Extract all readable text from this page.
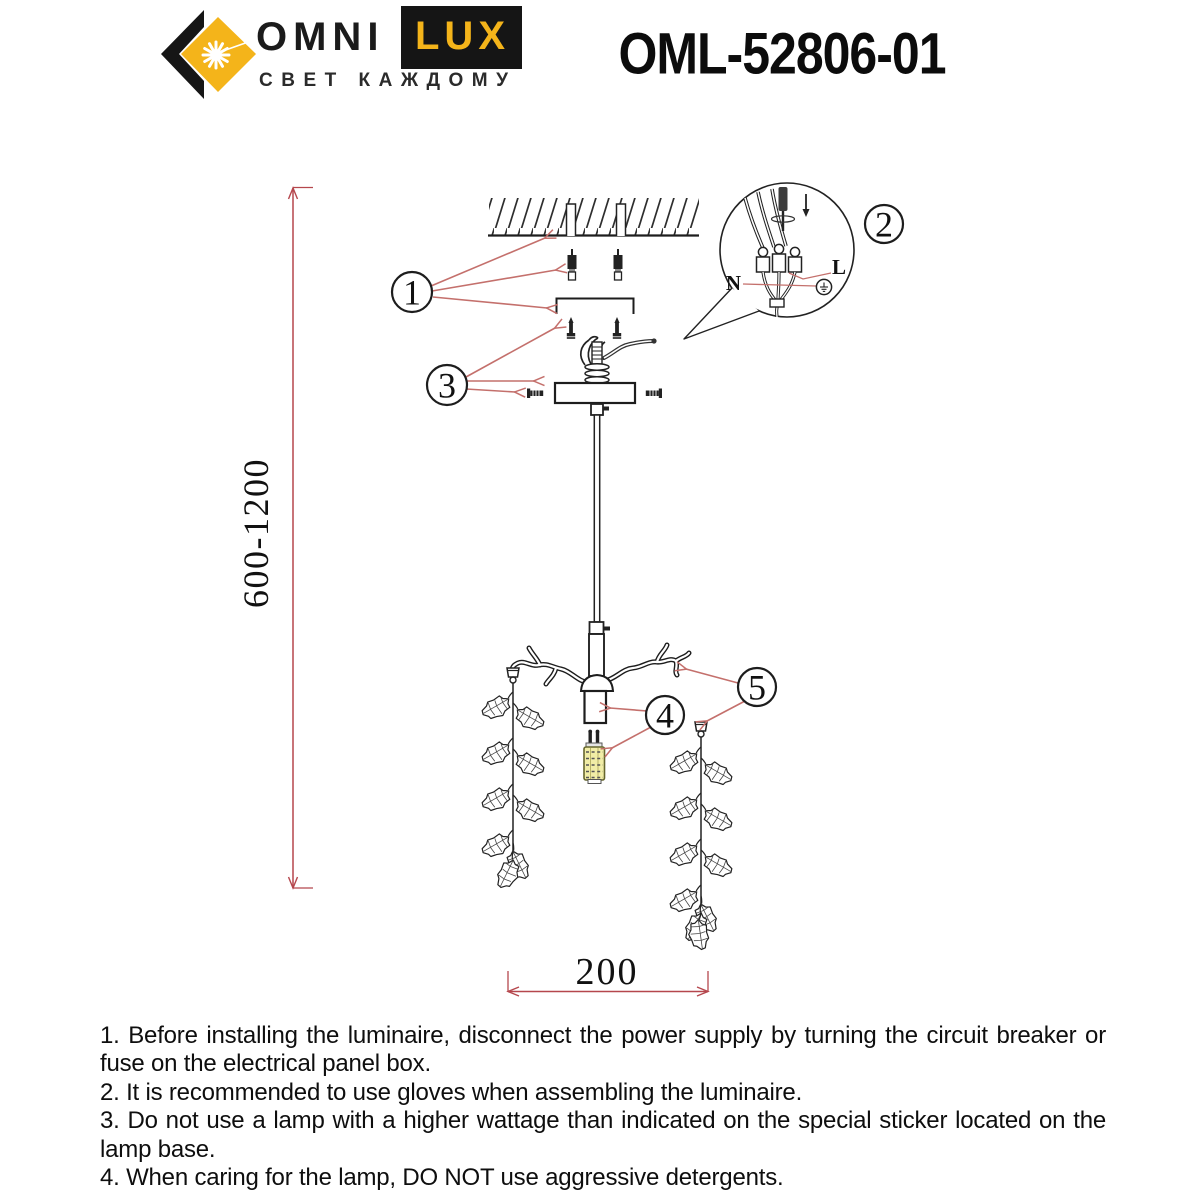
OMNI LUX
СВЕТ КАЖДОМУ	OML-52806-01
600-1200
200
N
L
1
2
3
4
5

1. Before installing the luminaire, disconnect the power supply by turning the circuit breaker or fuse on the electrical panel box.

2. It is recommended to use gloves when assembling the luminaire.

3. Do not use a lamp with a higher wattage than indicated on the special sticker located on the lamp base.

4. When caring for the lamp, DO NOT use aggressive detergents.
